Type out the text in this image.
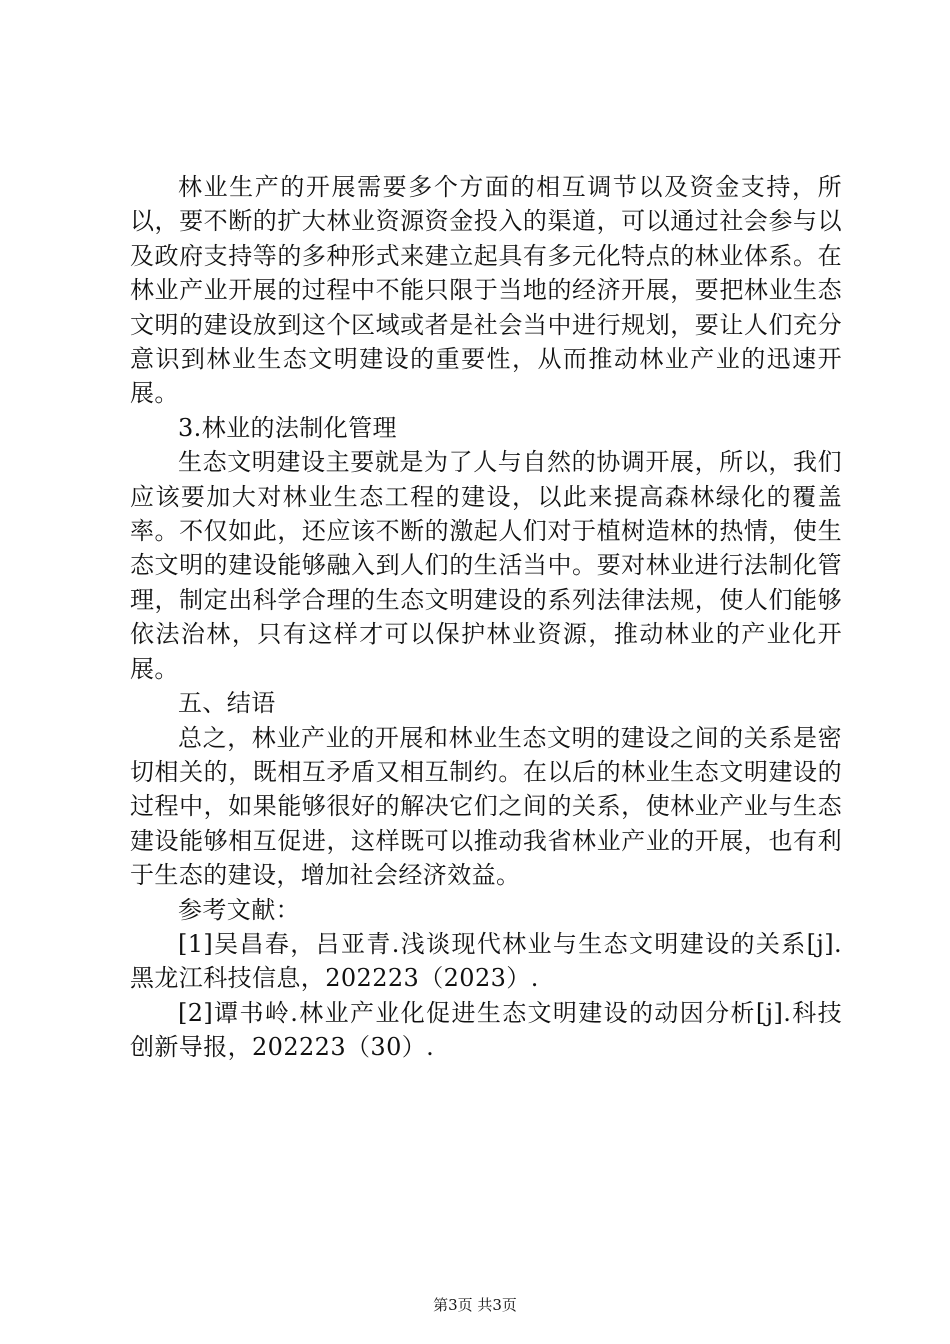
林业生产的开展需要多个方面的相互调节以及资金支持，所以，要不断的扩大林业资源资金投入的渠道，可以通过社会参与以及政府支持等的多种形式来建立起具有多元化特点的林业体系。在林业产业开展的过程中不能只限于当地的经济开展，要把林业生态文明的建设放到这个区域或者是社会当中进行规划，要让人们充分意识到林业生态文明建设的重要性，从而推动林业产业的迅速开展。

3.林业的法制化管理

生态文明建设主要就是为了人与自然的协调开展，所以，我们应该要加大对林业生态工程的建设，以此来提高森林绿化的覆盖率。不仅如此，还应该不断的激起人们对于植树造林的热情，使生态文明的建设能够融入到人们的生活当中。要对林业进行法制化管理，制定出科学合理的生态文明建设的系列法律法规，使人们能够依法治林，只有这样才可以保护林业资源，推动林业的产业化开展。

五、结语

总之，林业产业的开展和林业生态文明的建设之间的关系是密切相关的，既相互矛盾又相互制约。在以后的林业生态文明建设的过程中，如果能够很好的解决它们之间的关系，使林业产业与生态建设能够相互促进，这样既可以推动我省林业产业的开展，也有利于生态的建设，增加社会经济效益。

参考文献：

[1]吴昌春，吕亚青.浅谈现代林业与生态文明建设的关系[j].黑龙江科技信息，202223（2023）.

[2]谭书岭.林业产业化促进生态文明建设的动因分析[j].科技创新导报，202223（30）.

第3页 共3页
